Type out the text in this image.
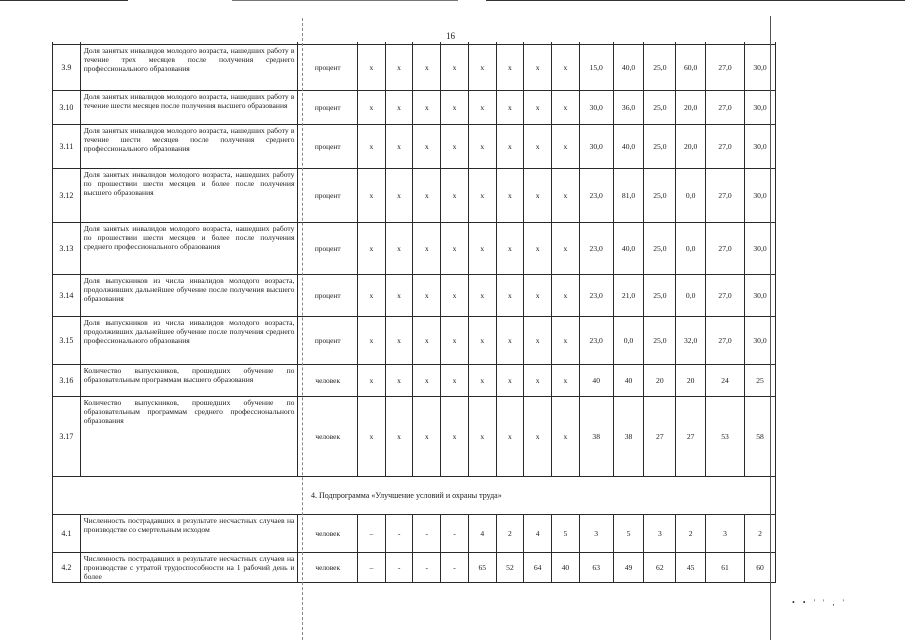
16

3.9	Доля занятых инвалидов молодого возраста, нашедших работу в течение трех месяцев после получения среднего профессионального образования	процент	x	x	x	x	x	x	x	x	15,0	40,0	25,0	60,0	27,0	30,0
3.10	Доля занятых инвалидов молодого возраста, нашедших работу в течение шести месяцев после получения высшего образования	процент	x	x	x	x	x	x	x	x	30,0	36,0	25,0	20,0	27,0	30,0
3.11	Доля занятых инвалидов молодого возраста, нашедших работу в течение шести месяцев после получения среднего профессионального образования	процент	x	x	x	x	x	x	x	x	30,0	40,0	25,0	20,0	27,0	30,0
3.12	Доля занятых инвалидов молодого возраста, нашедших работу по прошествии шести месяцев и более после получения высшего образования	процент	x	x	x	x	x	x	x	x	23,0	81,0	25,0	0,0	27,0	30,0
3.13	Доля занятых инвалидов молодого возраста, нашедших работу по прошествии шести месяцев и более после получения среднего профессионального образования	процент	x	x	x	x	x	x	x	x	23,0	40,0	25,0	0,0	27,0	30,0
3.14	Доля выпускников из числа инвалидов молодого возраста, продолживших дальнейшее обучение после получения высшего образования	процент	x	x	x	x	x	x	x	x	23,0	21,0	25,0	0,0	27,0	30,0
3.15	Доля выпускников из числа инвалидов молодого возраста, продолживших дальнейшее обучение после получения среднего профессионального образования	процент	x	x	x	x	x	x	x	x	23,0	0,0	25,0	32,0	27,0	30,0
3.16	Количество выпускников, прошедших обучение по образовательным программам высшего образования	человек	x	x	x	x	x	x	x	x	40	40	20	20	24	25
3.17	Количество выпускников, прошедших обучение по образовательным программам среднего профессионального образования	человек	x	x	x	x	x	x	x	x	38	38	27	27	53	58
4. Подпрограмма «Улучшение условий и охраны труда»																
4.1	Численность пострадавших в результате несчастных случаев на производстве со смертельным исходом	человек	–	-	-	-	4	2	4	5	3	5	3	2	3	2
4.2	Численность пострадавших в результате несчастных случаев на производстве с утратой трудоспособности на 1 рабочий день и более	человек	–	-	-	-	65	52	64	40	63	49	62	45	61	60
• • ' ' , '
